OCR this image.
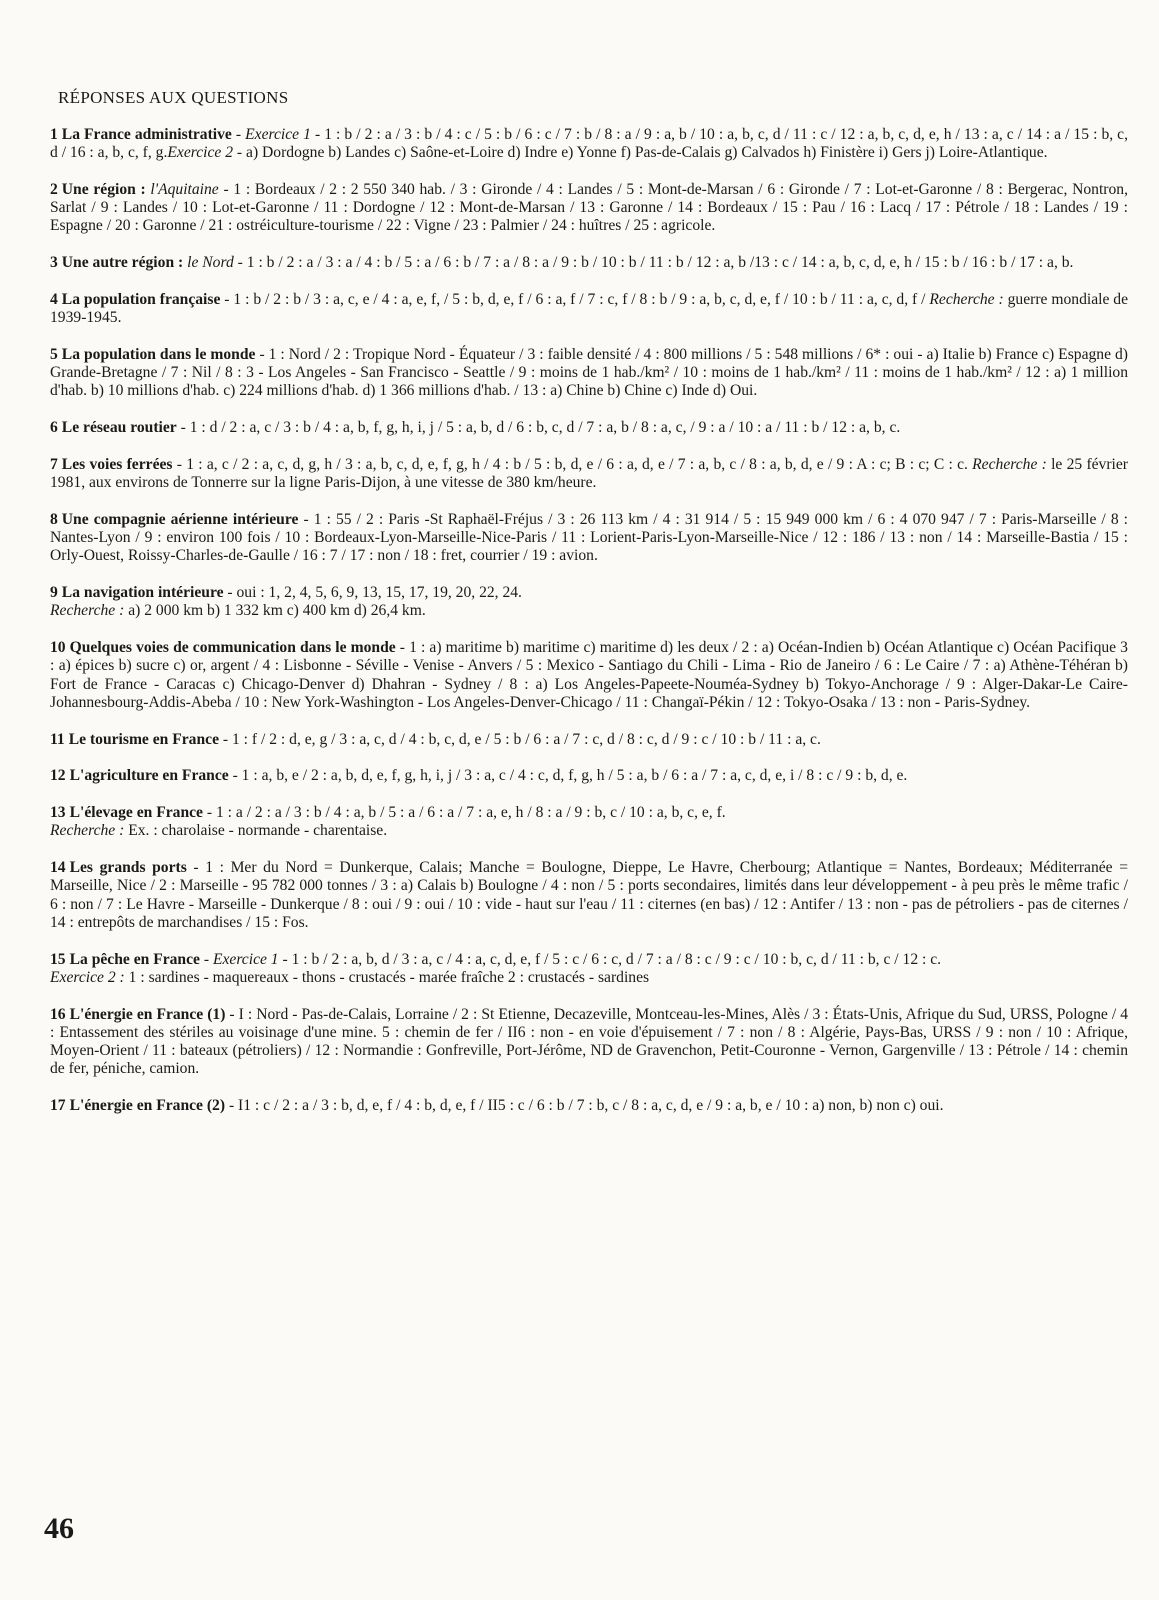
RÉPONSES AUX QUESTIONS
1 La France administrative - Exercice 1 - 1 : b / 2 : a / 3 : b / 4 : c / 5 : b / 6 : c / 7 : b / 8 : a / 9 : a, b / 10 : a, b, c, d / 11 : c / 12 : a, b, c, d, e, h / 13 : a, c / 14 : a / 15 : b, c, d / 16 : a, b, c, f, g.Exercice 2 - a) Dordogne b) Landes c) Saône-et-Loire d) Indre e) Yonne f) Pas-de-Calais g) Calvados h) Finistère i) Gers j) Loire-Atlantique.
2 Une région : l'Aquitaine - 1 : Bordeaux / 2 : 2 550 340 hab. / 3 : Gironde / 4 : Landes / 5 : Mont-de-Marsan / 6 : Gironde / 7 : Lot-et-Garonne / 8 : Bergerac, Nontron, Sarlat / 9 : Landes / 10 : Lot-et-Garonne / 11 : Dordogne / 12 : Mont-de-Marsan / 13 : Garonne / 14 : Bordeaux / 15 : Pau / 16 : Lacq / 17 : Pétrole / 18 : Landes / 19 : Espagne / 20 : Garonne / 21 : ostréiculture-tourisme / 22 : Vigne / 23 : Palmier / 24 : huîtres / 25 : agricole.
3 Une autre région : le Nord - 1 : b / 2 : a / 3 : a / 4 : b / 5 : a / 6 : b / 7 : a / 8 : a / 9 : b / 10 : b / 11 : b / 12 : a, b /13 : c / 14 : a, b, c, d, e, h / 15 : b / 16 : b / 17 : a, b.
4 La population française - 1 : b / 2 : b / 3 : a, c, e / 4 : a, e, f, / 5 : b, d, e, f / 6 : a, f / 7 : c, f / 8 : b / 9 : a, b, c, d, e, f / 10 : b / 11 : a, c, d, f / Recherche : guerre mondiale de 1939-1945.
5 La population dans le monde - 1 : Nord / 2 : Tropique Nord - Équateur / 3 : faible densité / 4 : 800 millions / 5 : 548 millions / 6* : oui - a) Italie b) France c) Espagne d) Grande-Bretagne / 7 : Nil / 8 : 3 - Los Angeles - San Francisco - Seattle / 9 : moins de 1 hab./km² / 10 : moins de 1 hab./km² / 11 : moins de 1 hab./km² / 12 : a) 1 million d'hab. b) 10 millions d'hab. c) 224 millions d'hab. d) 1 366 millions d'hab. / 13 : a) Chine b) Chine c) Inde d) Oui.
6 Le réseau routier - 1 : d / 2 : a, c / 3 : b / 4 : a, b, f, g, h, i, j / 5 : a, b, d / 6 : b, c, d / 7 : a, b / 8 : a, c, / 9 : a / 10 : a / 11 : b / 12 : a, b, c.
7 Les voies ferrées - 1 : a, c / 2 : a, c, d, g, h / 3 : a, b, c, d, e, f, g, h / 4 : b / 5 : b, d, e / 6 : a, d, e / 7 : a, b, c / 8 : a, b, d, e / 9 : A : c; B : c; C : c. Recherche : le 25 février 1981, aux environs de Tonnerre sur la ligne Paris-Dijon, à une vitesse de 380 km/heure.
8 Une compagnie aérienne intérieure - 1 : 55 / 2 : Paris -St Raphaël-Fréjus / 3 : 26 113 km / 4 : 31 914 / 5 : 15 949 000 km / 6 : 4 070 947 / 7 : Paris-Marseille / 8 : Nantes-Lyon / 9 : environ 100 fois / 10 : Bordeaux-Lyon-Marseille-Nice-Paris / 11 : Lorient-Paris-Lyon-Marseille-Nice / 12 : 186 / 13 : non / 14 : Marseille-Bastia / 15 : Orly-Ouest, Roissy-Charles-de-Gaulle / 16 : 7 / 17 : non / 18 : fret, courrier / 19 : avion.
9 La navigation intérieure - oui : 1, 2, 4, 5, 6, 9, 13, 15, 17, 19, 20, 22, 24.
Recherche : a) 2 000 km b) 1 332 km c) 400 km d) 26,4 km.
10 Quelques voies de communication dans le monde - 1 : a) maritime b) maritime c) maritime d) les deux / 2 : a) Océan-Indien b) Océan Atlantique c) Océan Pacifique 3 : a) épices b) sucre c) or, argent / 4 : Lisbonne - Séville - Venise - Anvers / 5 : Mexico - Santiago du Chili - Lima - Rio de Janeiro / 6 : Le Caire / 7 : a) Athène-Téhéran b) Fort de France - Caracas c) Chicago-Denver d) Dhahran - Sydney / 8 : a) Los Angeles-Papeete-Nouméa-Sydney b) Tokyo-Anchorage / 9 : Alger-Dakar-Le Caire-Johannesbourg-Addis-Abeba / 10 : New York-Washington - Los Angeles-Denver-Chicago / 11 : Changaï-Pékin / 12 : Tokyo-Osaka / 13 : non - Paris-Sydney.
11 Le tourisme en France - 1 : f / 2 : d, e, g / 3 : a, c, d / 4 : b, c, d, e / 5 : b / 6 : a / 7 : c, d / 8 : c, d / 9 : c / 10 : b / 11 : a, c.
12 L'agriculture en France - 1 : a, b, e / 2 : a, b, d, e, f, g, h, i, j / 3 : a, c / 4 : c, d, f, g, h / 5 : a, b / 6 : a / 7 : a, c, d, e, i / 8 : c / 9 : b, d, e.
13 L'élevage en France - 1 : a / 2 : a / 3 : b / 4 : a, b / 5 : a / 6 : a / 7 : a, e, h / 8 : a / 9 : b, c / 10 : a, b, c, e, f.
Recherche : Ex. : charolaise - normande - charentaise.
14 Les grands ports - 1 : Mer du Nord = Dunkerque, Calais; Manche = Boulogne, Dieppe, Le Havre, Cherbourg; Atlantique = Nantes, Bordeaux; Méditerranée = Marseille, Nice / 2 : Marseille - 95 782 000 tonnes / 3 : a) Calais b) Boulogne / 4 : non / 5 : ports secondaires, limités dans leur développement - à peu près le même trafic / 6 : non / 7 : Le Havre - Marseille - Dunkerque / 8 : oui / 9 : oui / 10 : vide - haut sur l'eau / 11 : citernes (en bas) / 12 : Antifer / 13 : non - pas de pétroliers - pas de citernes / 14 : entrepôts de marchandises / 15 : Fos.
15 La pêche en France - Exercice 1 - 1 : b / 2 : a, b, d / 3 : a, c / 4 : a, c, d, e, f / 5 : c / 6 : c, d / 7 : a / 8 : c / 9 : c / 10 : b, c, d / 11 : b, c / 12 : c.
Exercice 2 : 1 : sardines - maquereaux - thons - crustacés - marée fraîche 2 : crustacés - sardines
16 L'énergie en France (1) - I : Nord - Pas-de-Calais, Lorraine / 2 : St Etienne, Decazeville, Montceau-les-Mines, Alès / 3 : États-Unis, Afrique du Sud, URSS, Pologne / 4 : Entassement des stériles au voisinage d'une mine. 5 : chemin de fer / II6 : non - en voie d'épuisement / 7 : non / 8 : Algérie, Pays-Bas, URSS / 9 : non / 10 : Afrique, Moyen-Orient / 11 : bateaux (pétroliers) / 12 : Normandie : Gonfreville, Port-Jérôme, ND de Gravenchon, Petit-Couronne - Vernon, Gargenville / 13 : Pétrole / 14 : chemin de fer, péniche, camion.
17 L'énergie en France (2) - I1 : c / 2 : a / 3 : b, d, e, f / 4 : b, d, e, f / II5 : c / 6 : b / 7 : b, c / 8 : a, c, d, e / 9 : a, b, e / 10 : a) non, b) non c) oui.
46
